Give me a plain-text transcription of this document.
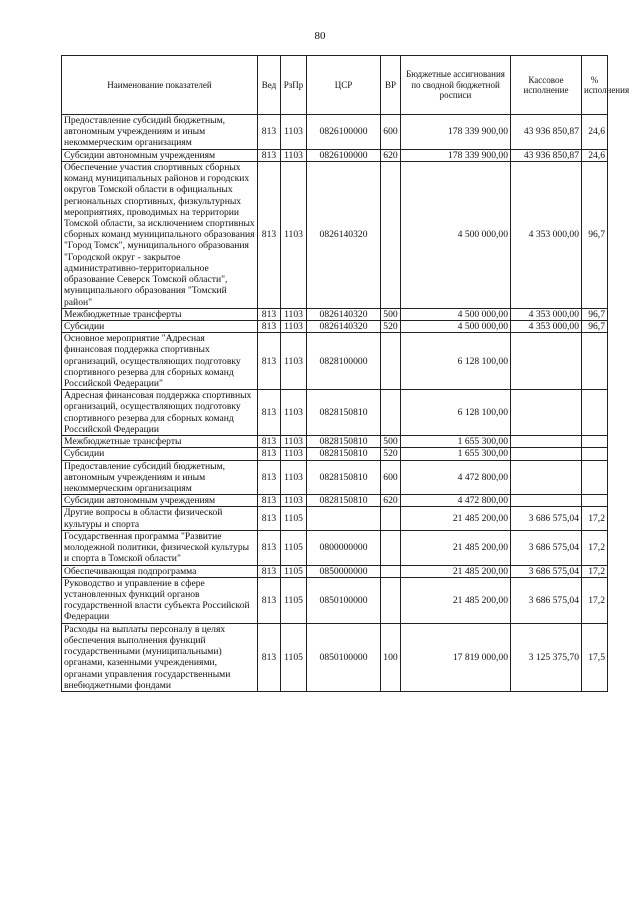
80
Наименование показателей	Вед	РзПр	ЦСР	ВР	Бюджетные ассигнования по сводной бюджетной росписи	Кассовое исполнение	% исполнения
Предоставление субсидий бюджетным, автономным учреждениям и иным некоммерческим организациям	813	1103	0826100000	600	178 339 900,00	43 936 850,87	24,6
Субсидии автономным учреждениям	813	1103	0826100000	620	178 339 900,00	43 936 850,87	24,6
Обеспечение участия спортивных сборных команд муниципальных районов и городских округов Томской области в официальных региональных спортивных, физкультурных мероприятиях, проводимых на территории Томской области, за исключением спортивных сборных команд муниципального образования "Город Томск", муниципального образования "Городской округ - закрытое административно-территориальное образование Северск Томской области", муниципального образования "Томский район"	813	1103	0826140320		4 500 000,00	4 353 000,00	96,7
Межбюджетные трансферты	813	1103	0826140320	500	4 500 000,00	4 353 000,00	96,7
Субсидии	813	1103	0826140320	520	4 500 000,00	4 353 000,00	96,7
Основное мероприятие "Адресная финансовая поддержка спортивных организаций, осуществляющих подготовку спортивного резерва для сборных команд Российской Федерации"	813	1103	0828100000		6 128 100,00		
Адресная финансовая поддержка спортивных организаций, осуществляющих подготовку спортивного резерва для сборных команд Российской Федерации	813	1103	0828150810		6 128 100,00		
Межбюджетные трансферты	813	1103	0828150810	500	1 655 300,00		
Субсидии	813	1103	0828150810	520	1 655 300,00		
Предоставление субсидий бюджетным, автономным учреждениям и иным некоммерческим организациям	813	1103	0828150810	600	4 472 800,00		
Субсидии автономным учреждениям	813	1103	0828150810	620	4 472 800,00		
Другие вопросы в области физической культуры и спорта	813	1105			21 485 200,00	3 686 575,04	17,2
Государственная программа "Развитие молодежной политики, физической культуры и спорта в Томской области"	813	1105	0800000000		21 485 200,00	3 686 575,04	17,2
Обеспечивающая подпрограмма	813	1105	0850000000		21 485 200,00	3 686 575,04	17,2
Руководство и управление в сфере установленных функций органов государственной власти субъекта Российской Федерации	813	1105	0850100000		21 485 200,00	3 686 575,04	17,2
Расходы на выплаты персоналу в целях обеспечения выполнения функций государственными (муниципальными) органами, казенными учреждениями, органами управления государственными внебюджетными фондами	813	1105	0850100000	100	17 819 000,00	3 125 375,70	17,5
